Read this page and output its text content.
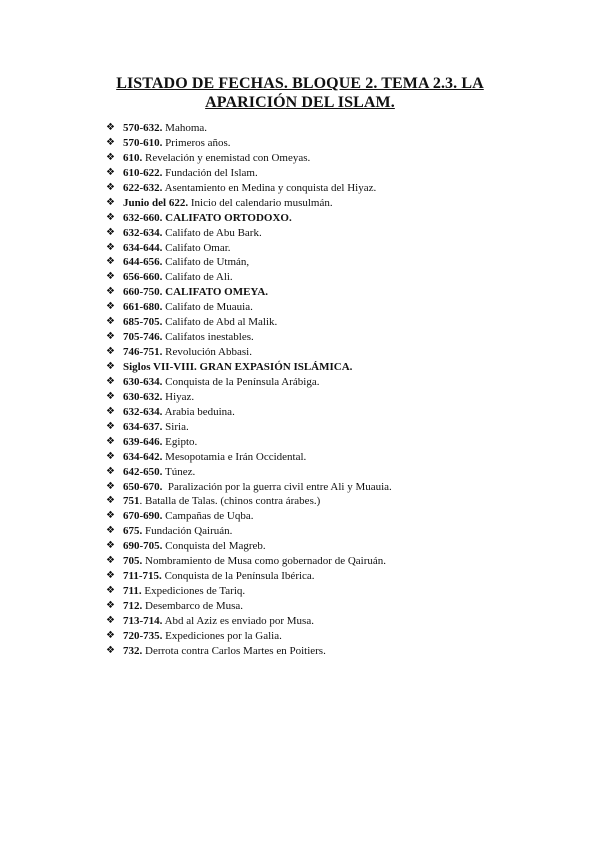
LISTADO DE FECHAS. BLOQUE 2. TEMA 2.3. LA
APARICIÓN DEL ISLAM.
❖ 570-632. Mahoma.
❖ 570-610. Primeros años.
❖ 610. Revelación y enemistad con Omeyas.
❖ 610-622. Fundación del Islam.
❖ 622-632. Asentamiento en Medina y conquista del Hiyaz.
❖ Junio del 622. Inicio del calendario musulmán.
❖ 632-660. CALIFATO ORTODOXO.
❖ 632-634. Califato de Abu Bark.
❖ 634-644. Califato Omar.
❖ 644-656. Califato de Utmán,
❖ 656-660. Califato de Ali.
❖ 660-750. CALIFATO OMEYA.
❖ 661-680. Califato de Muauia.
❖ 685-705. Califato de Abd al Malik.
❖ 705-746. Califatos inestables.
❖ 746-751. Revolución Abbasi.
❖ Siglos VII-VIII. GRAN EXPASIÓN ISLÁMICA.
❖ 630-634. Conquista de la Península Arábiga.
❖ 630-632. Hiyaz.
❖ 632-634. Arabia beduina.
❖ 634-637. Siria.
❖ 639-646. Egipto.
❖ 634-642. Mesopotamia e Irán Occidental.
❖ 642-650. Túnez.
❖ 650-670. Paralización por la guerra civil entre Ali y Muauia.
❖ 751 . Batalla de Talas. (chinos contra árabes.)
❖ 670-690. Campañas de Uqba.
❖ 675. Fundación Qairuán.
❖ 690-705. Conquista del Magreb.
❖ 705. Nombramiento de Musa como gobernador de Qairuán.
❖ 711-715. Conquista de la Península Ibérica.
❖ 711. Expediciones de Tariq.
❖ 712. Desembarco de Musa.
❖ 713-714. Abd al Aziz es enviado por Musa.
❖ 720-735. Expediciones por la Galia.
❖ 732. Derrota contra Carlos Martes en Poitiers.
